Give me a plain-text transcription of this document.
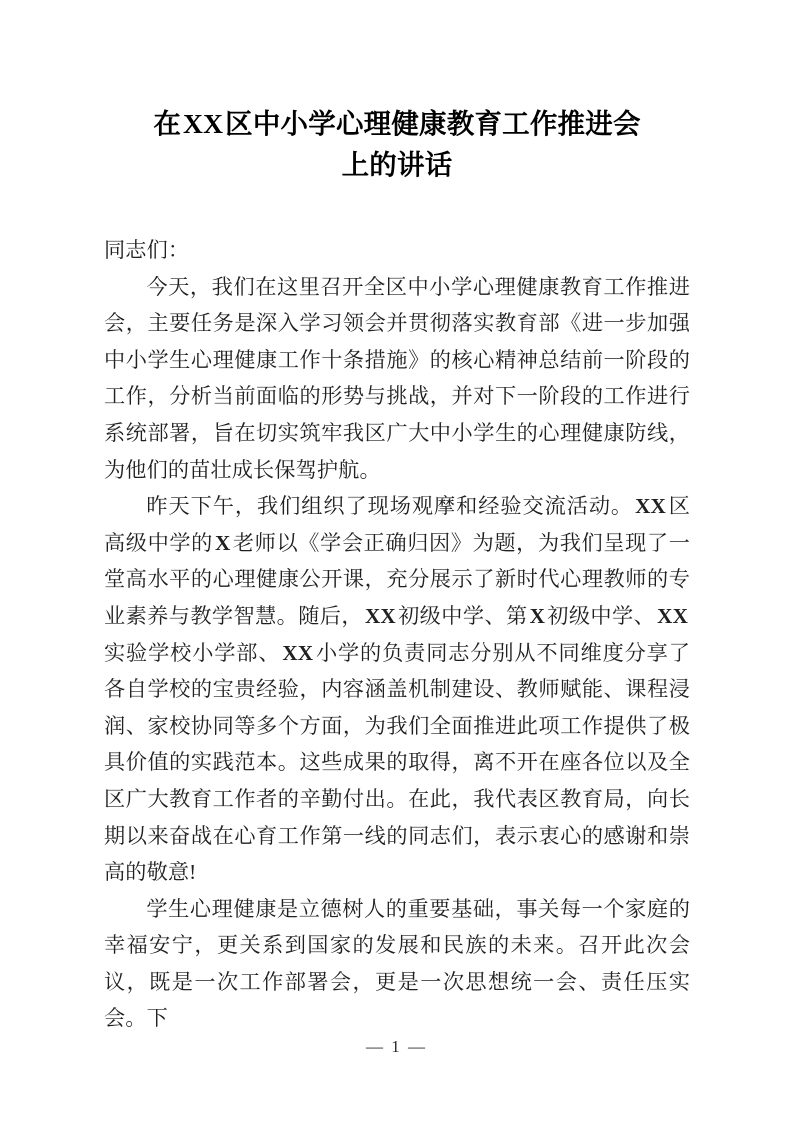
在XX区中小学心理健康教育工作推进会
上的讲话

同志们：

今天，我们在这里召开全区中小学心理健康教育工作推进会，主要任务是深入学习领会并贯彻落实教育部《进一步加强中小学生心理健康工作十条措施》的核心精神总结前一阶段的工作，分析当前面临的形势与挑战，并对下一阶段的工作进行系统部署，旨在切实筑牢我区广大中小学生的心理健康防线，为他们的苗壮成长保驾护航。

昨天下午，我们组织了现场观摩和经验交流活动。XX区高级中学的X老师以《学会正确归因》为题，为我们呈现了一堂高水平的心理健康公开课，充分展示了新时代心理教师的专业素养与教学智慧。随后，XX初级中学、第X初级中学、XX实验学校小学部、XX小学的负责同志分别从不同维度分享了各自学校的宝贵经验，内容涵盖机制建设、教师赋能、课程浸润、家校协同等多个方面，为我们全面推进此项工作提供了极具价值的实践范本。这些成果的取得，离不开在座各位以及全区广大教育工作者的辛勤付出。在此，我代表区教育局，向长期以来奋战在心育工作第一线的同志们，表示衷心的感谢和崇高的敬意!

学生心理健康是立德树人的重要基础，事关每一个家庭的幸福安宁，更关系到国家的发展和民族的未来。召开此次会议，既是一次工作部署会，更是一次思想统一会、责任压实会。下

— 1 —
